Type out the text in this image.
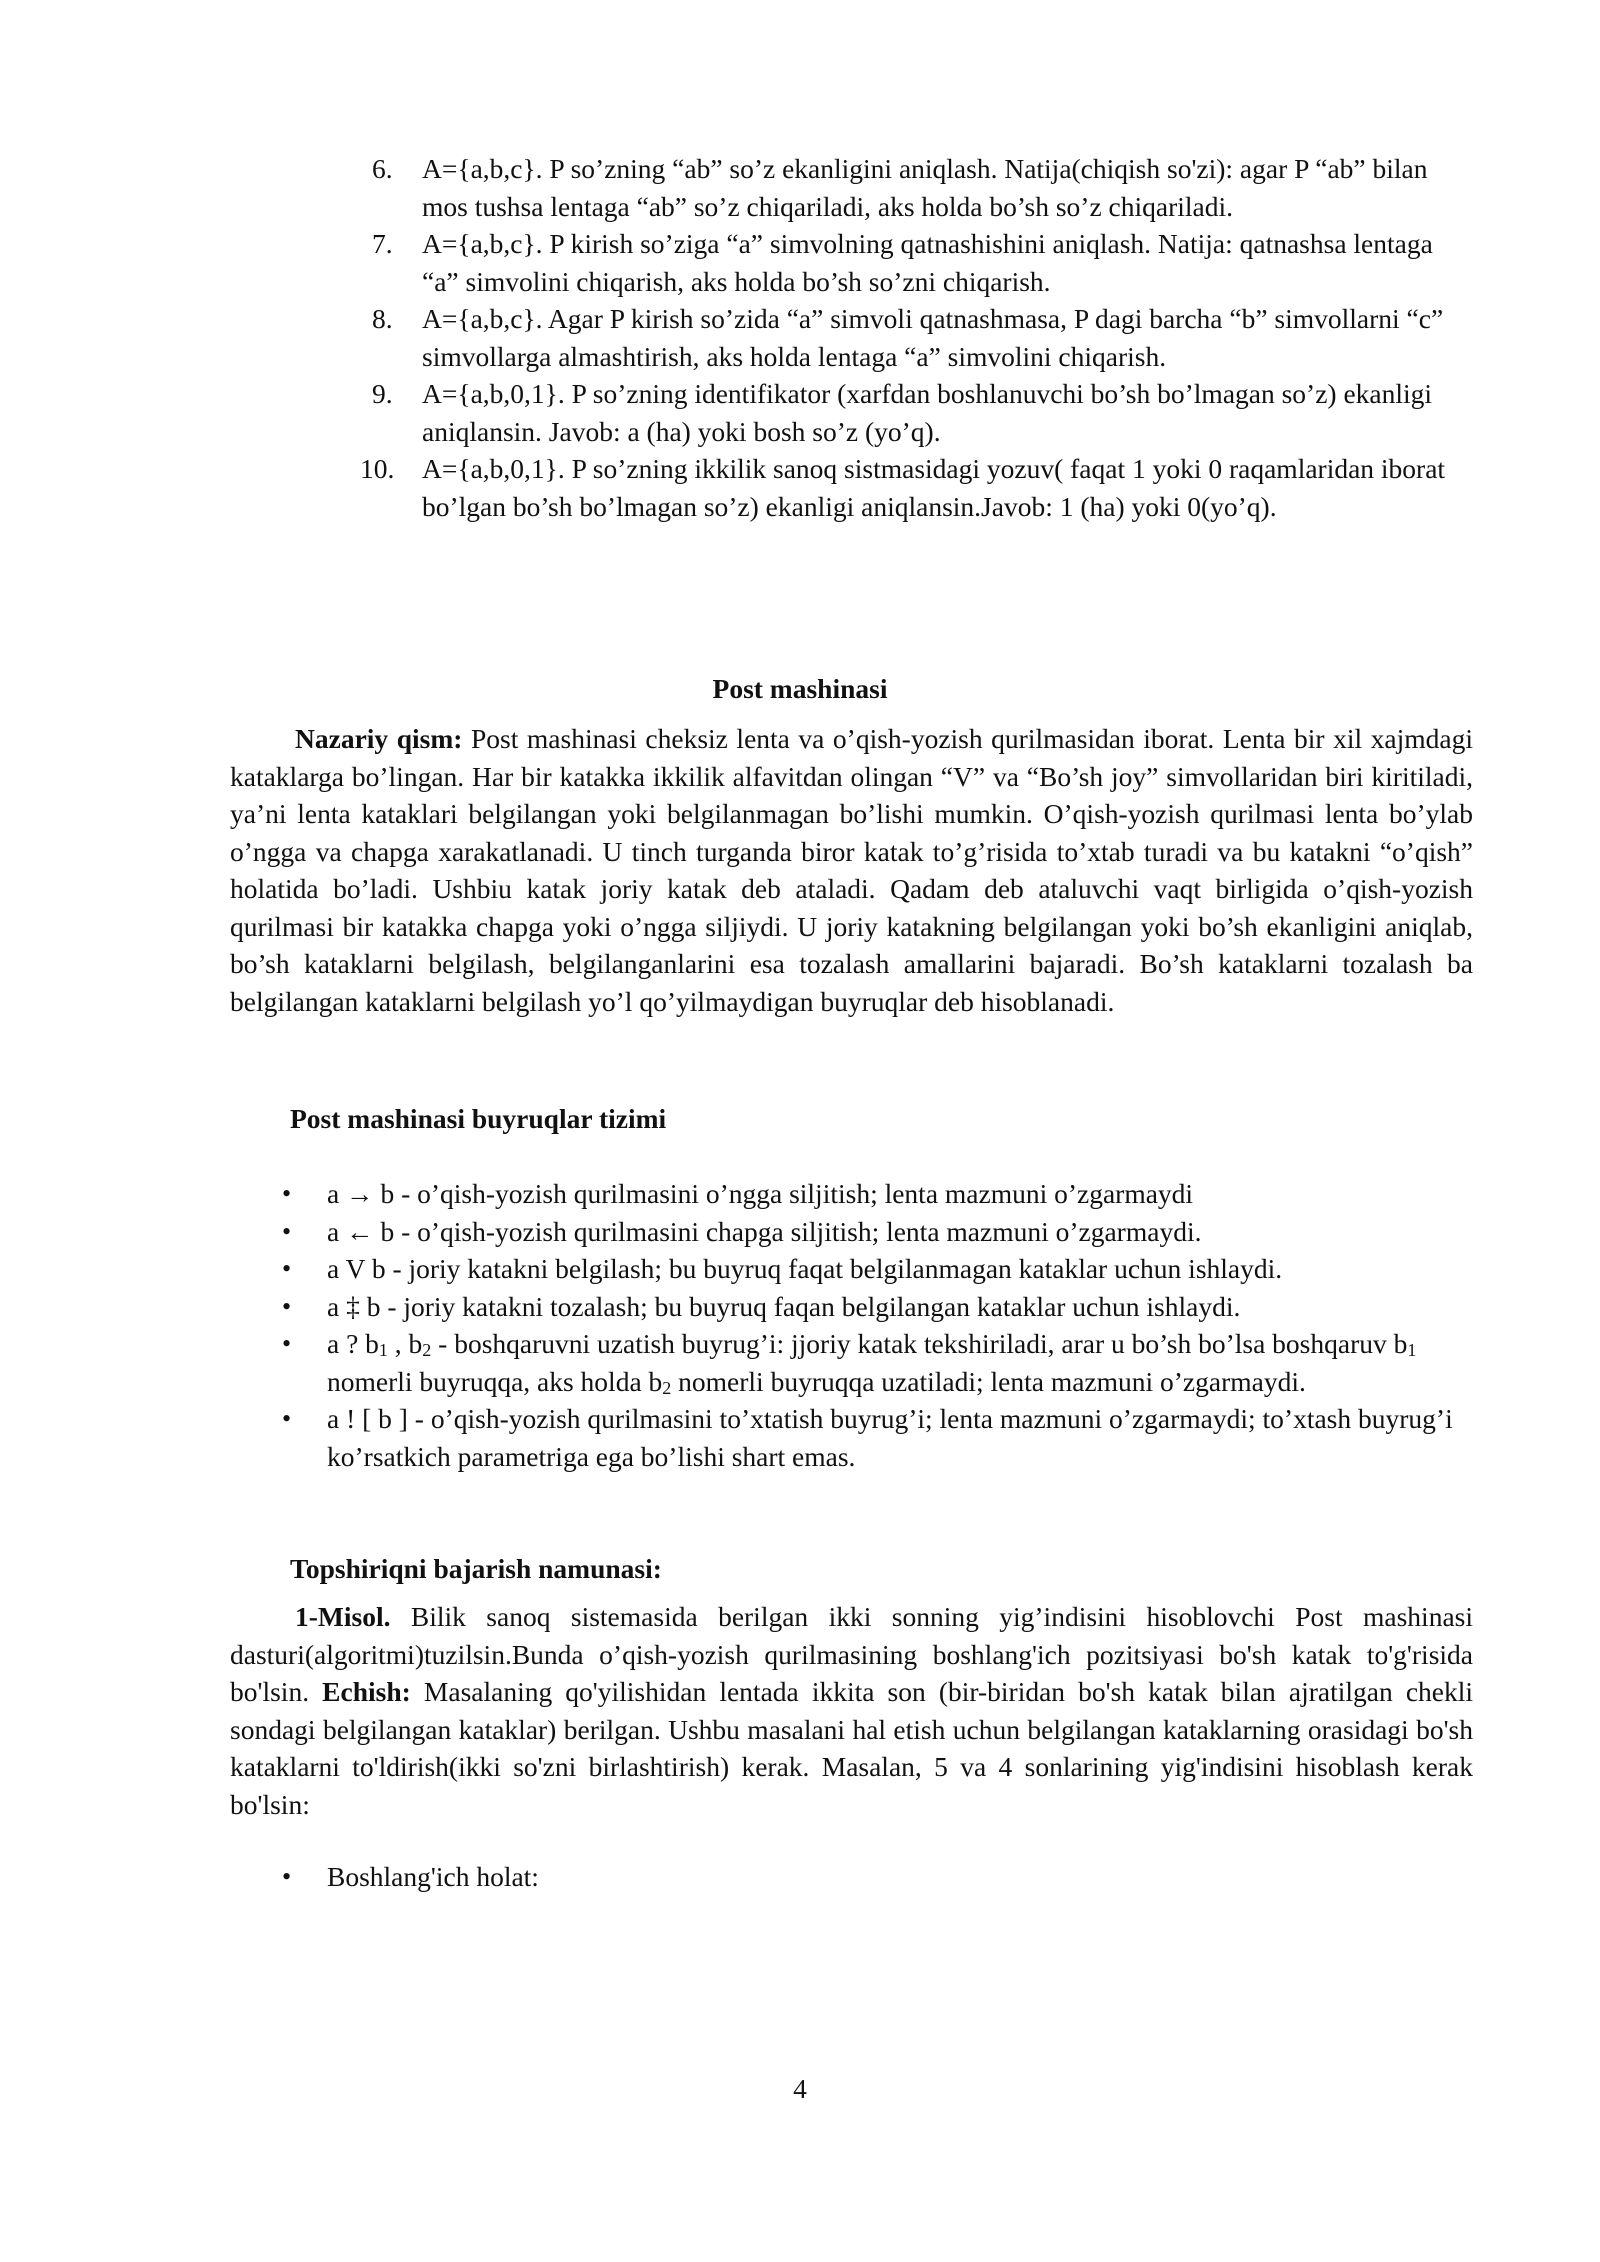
6.	A={a,b,c}. P so’zning “ab” so’z ekanligini aniqlash. Natija(chiqish so'zi): agar P “ab” bilan mos tushsa lentaga “ab” so’z chiqariladi, aks holda bo’sh so’z chiqariladi.
7.	A={a,b,c}. P kirish so’ziga “a” simvolning qatnashishini aniqlash. Natija: qatnashsa lentaga “a” simvolini chiqarish, aks holda bo’sh so’zni chiqarish.
8.	A={a,b,c}. Agar P kirish so’zida “a” simvoli qatnashmasa, P dagi barcha “b” simvollarni “c” simvollarga almashtirish, aks holda lentaga “a” simvolini chiqarish.
9.	A={a,b,0,1}. P so’zning identifikator (xarfdan boshlanuvchi bo’sh bo’lmagan so’z) ekanligi aniqlansin. Javob: a (ha) yoki bosh so’z (yo’q).
10.	A={a,b,0,1}. P so’zning ikkilik sanoq sistmasidagi yozuv( faqat 1 yoki 0 raqamlaridan iborat bo’lgan bo’sh bo’lmagan so’z) ekanligi aniqlansin.Javob: 1 (ha) yoki 0(yo’q).
Post mashinasi

Nazariy qism: Post mashinasi cheksiz lenta va o’qish-yozish qurilmasidan iborat. Lenta bir xil xajmdagi kataklarga bo’lingan. Har bir katakka ikkilik alfavitdan olingan “V” va “Bo’sh joy” simvollaridan biri kiritiladi, ya’ni lenta kataklari belgilangan yoki belgilanmagan bo’lishi mumkin. O’qish-yozish qurilmasi lenta bo’ylab o’ngga va chapga xarakatlanadi. U tinch turganda biror katak to’g’risida to’xtab turadi va bu katakni “o’qish” holatida bo’ladi. Ushbiu katak joriy katak deb ataladi. Qadam deb ataluvchi vaqt birligida o’qish-yozish qurilmasi bir katakka chapga yoki o’ngga siljiydi. U joriy katakning belgilangan yoki bo’sh ekanligini aniqlab, bo’sh kataklarni belgilash, belgilanganlarini esa tozalash amallarini bajaradi. Bo’sh kataklarni tozalash ba belgilangan kataklarni belgilash yo’l qo’yilmaydigan buyruqlar deb hisoblanadi.

Post mashinasi buyruqlar tizimi
• a → b - o’qish-yozish qurilmasini o’ngga siljitish; lenta mazmuni o’zgarmaydi
• a ← b - o’qish-yozish qurilmasini chapga siljitish; lenta mazmuni o’zgarmaydi.
• a V b - joriy katakni belgilash; bu buyruq faqat belgilanmagan kataklar uchun ishlaydi.
• a ‡ b - joriy katakni tozalash; bu buyruq faqan belgilangan kataklar uchun ishlaydi.
• a ? $b_1$ , $b_2$ - boshqaruvni uzatish buyrug’i: jjoriy katak tekshiriladi, arar u bo’sh bo’lsa boshqaruv $b_1$ nomerli buyruqqa, aks holda $b_2$ nomerli buyruqqa uzatiladi; lenta mazmuni o’zgarmaydi.
• a ! [ b ] - o’qish-yozish qurilmasini to’xtatish buyrug’i; lenta mazmuni o’zgarmaydi; to’xtash buyrug’i ko’rsatkich parametriga ega bo’lishi shart emas.
Topshiriqni bajarish namunasi:

1-Misol. Bilik sanoq sistemasida berilgan ikki sonning yig’indisini hisoblovchi Post mashinasi dasturi(algoritmi)tuzilsin.Bunda o’qish-yozish qurilmasining boshlang'ich pozitsiyasi bo'sh katak to'g'risida bo'lsin. Echish: Masalaning qo'yilishidan lentada ikkita son (bir-biridan bo'sh katak bilan ajratilgan chekli sondagi belgilangan kataklar) berilgan. Ushbu masalani hal etish uchun belgilangan kataklarning orasidagi bo'sh kataklarni to'ldirish(ikki so'zni birlashtirish) kerak. Masalan, 5 va 4 sonlarining yig'indisini hisoblash kerak bo'lsin:

• Boshlang'ich holat:
4
